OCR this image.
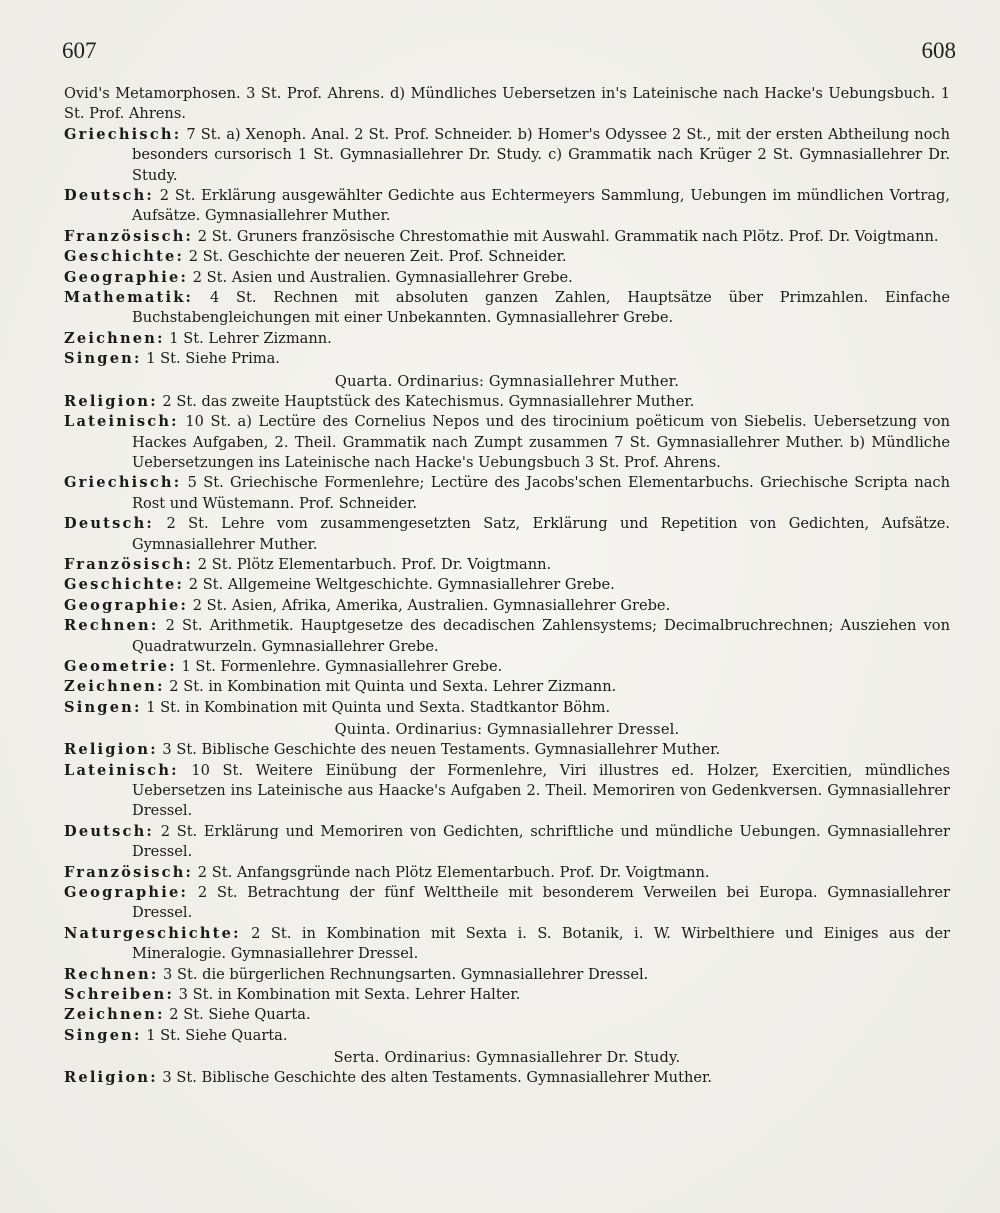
607	608

Ovid's Metamorphosen. 3 St. Prof. Ahrens. d) Mündliches Uebersetzen in's Lateinische nach Hacke's Uebungsbuch. 1 St. Prof. Ahrens.

Griechisch: 7 St. a) Xenoph. Anal. 2 St. Prof. Schneider. b) Homer's Odyssee 2 St., mit der ersten Abtheilung noch besonders cursorisch 1 St. Gymnasiallehrer Dr. Study. c) Grammatik nach Krüger 2 St. Gymnasiallehrer Dr. Study.

Deutsch: 2 St. Erklärung ausgewählter Gedichte aus Echtermeyers Sammlung, Uebungen im mündlichen Vortrag, Aufsätze. Gymnasiallehrer Muther.

Französisch: 2 St. Gruners französische Chrestomathie mit Auswahl. Grammatik nach Plötz. Prof. Dr. Voigtmann.

Geschichte: 2 St. Geschichte der neueren Zeit. Prof. Schneider.

Geographie: 2 St. Asien und Australien. Gymnasiallehrer Grebe.

Mathematik: 4 St. Rechnen mit absoluten ganzen Zahlen, Hauptsätze über Primzahlen. Einfache Buchstabengleichungen mit einer Unbekannten. Gymnasiallehrer Grebe.

Zeichnen: 1 St. Lehrer Zizmann.

Singen: 1 St. Siehe Prima.

Quarta. Ordinarius: Gymnasiallehrer Muther.

Religion: 2 St. das zweite Hauptstück des Katechismus. Gymnasiallehrer Muther.

Lateinisch: 10 St. a) Lectüre des Cornelius Nepos und des tirocinium poëticum von Siebelis. Uebersetzung von Hackes Aufgaben, 2. Theil. Grammatik nach Zumpt zusammen 7 St. Gymnasiallehrer Muther. b) Mündliche Uebersetzungen ins Lateinische nach Hacke's Uebungsbuch 3 St. Prof. Ahrens.

Griechisch: 5 St. Griechische Formenlehre; Lectüre des Jacobs'schen Elementarbuchs. Griechische Scripta nach Rost und Wüstemann. Prof. Schneider.

Deutsch: 2 St. Lehre vom zusammengesetzten Satz, Erklärung und Repetition von Gedichten, Aufsätze. Gymnasiallehrer Muther.

Französisch: 2 St. Plötz Elementarbuch. Prof. Dr. Voigtmann.

Geschichte: 2 St. Allgemeine Weltgeschichte. Gymnasiallehrer Grebe.

Geographie: 2 St. Asien, Afrika, Amerika, Australien. Gymnasiallehrer Grebe.

Rechnen: 2 St. Arithmetik. Hauptgesetze des decadischen Zahlensystems; Decimalbruchrechnen; Ausziehen von Quadratwurzeln. Gymnasiallehrer Grebe.

Geometrie: 1 St. Formenlehre. Gymnasiallehrer Grebe.

Zeichnen: 2 St. in Kombination mit Quinta und Sexta. Lehrer Zizmann.

Singen: 1 St. in Kombination mit Quinta und Sexta. Stadtkantor Böhm.

Quinta. Ordinarius: Gymnasiallehrer Dressel.

Religion: 3 St. Biblische Geschichte des neuen Testaments. Gymnasiallehrer Muther.

Lateinisch: 10 St. Weitere Einübung der Formenlehre, Viri illustres ed. Holzer, Exercitien, mündliches Uebersetzen ins Lateinische aus Haacke's Aufgaben 2. Theil. Memoriren von Gedenkversen. Gymnasiallehrer Dressel.

Deutsch: 2 St. Erklärung und Memoriren von Gedichten, schriftliche und mündliche Uebungen. Gymnasiallehrer Dressel.

Französisch: 2 St. Anfangsgründe nach Plötz Elementarbuch. Prof. Dr. Voigtmann.

Geographie: 2 St. Betrachtung der fünf Welttheile mit besonderem Verweilen bei Europa. Gymnasiallehrer Dressel.

Naturgeschichte: 2 St. in Kombination mit Sexta i. S. Botanik, i. W. Wirbelthiere und Einiges aus der Mineralogie. Gymnasiallehrer Dressel.

Rechnen: 3 St. die bürgerlichen Rechnungsarten. Gymnasiallehrer Dressel.

Schreiben: 3 St. in Kombination mit Sexta. Lehrer Halter.

Zeichnen: 2 St. Siehe Quarta.

Singen: 1 St. Siehe Quarta.

Serta. Ordinarius: Gymnasiallehrer Dr. Study.

Religion: 3 St. Biblische Geschichte des alten Testaments. Gymnasiallehrer Muther.
